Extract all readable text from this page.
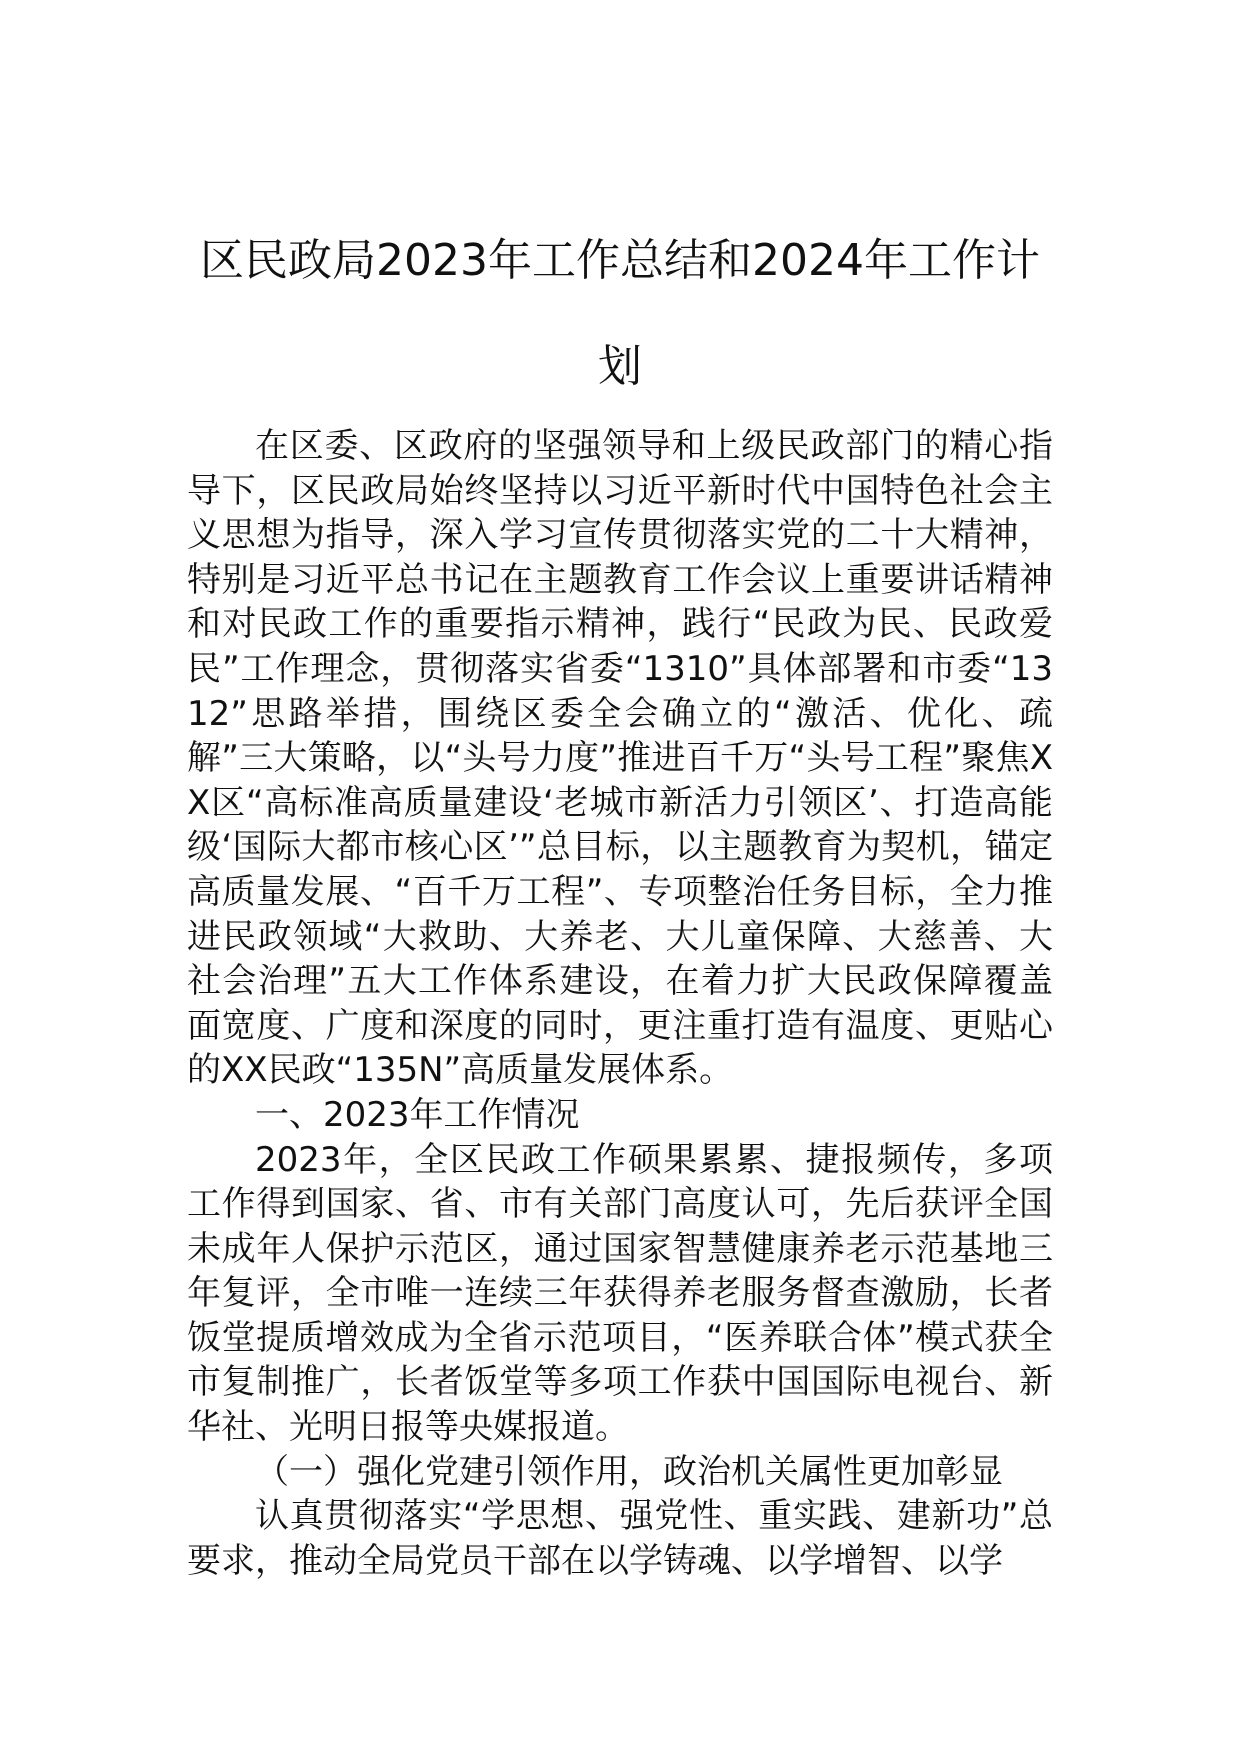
区民政局2023年工作总结和2024年工作计划

在区委、区政府的坚强领导和上级民政部门的精心指导下，区民政局始终坚持以习近平新时代中国特色社会主义思想为指导，深入学习宣传贯彻落实党的二十大精神，特别是习近平总书记在主题教育工作会议上重要讲话精神和对民政工作的重要指示精神，践行“民政为民、民政爱民”工作理念，贯彻落实省委“1310”具体部署和市委“1312”思路举措，围绕区委全会确立的“激活、优化、疏解”三大策略，以“头号力度”推进百千万“头号工程”聚焦XX区“高标准高质量建设‘老城市新活力引领区’、打造高能级‘国际大都市核心区’”总目标，以主题教育为契机，锚定高质量发展、“百千万工程”、专项整治任务目标，全力推进民政领域“大救助、大养老、大儿童保障、大慈善、大社会治理”五大工作体系建设，在着力扩大民政保障覆盖面宽度、广度和深度的同时，更注重打造有温度、更贴心的XX民政“135N”高质量发展体系。

一、2023年工作情况

2023年，全区民政工作硕果累累、捷报频传，多项工作得到国家、省、市有关部门高度认可，先后获评全国未成年人保护示范区，通过国家智慧健康养老示范基地三年复评，全市唯一连续三年获得养老服务督查激励，长者饭堂提质增效成为全省示范项目，“医养联合体”模式获全市复制推广，长者饭堂等多项工作获中国国际电视台、新华社、光明日报等央媒报道。

（一）强化党建引领作用，政治机关属性更加彰显

认真贯彻落实“学思想、强党性、重实践、建新功”总要求，推动全局党员干部在以学铸魂、以学增智、以学
